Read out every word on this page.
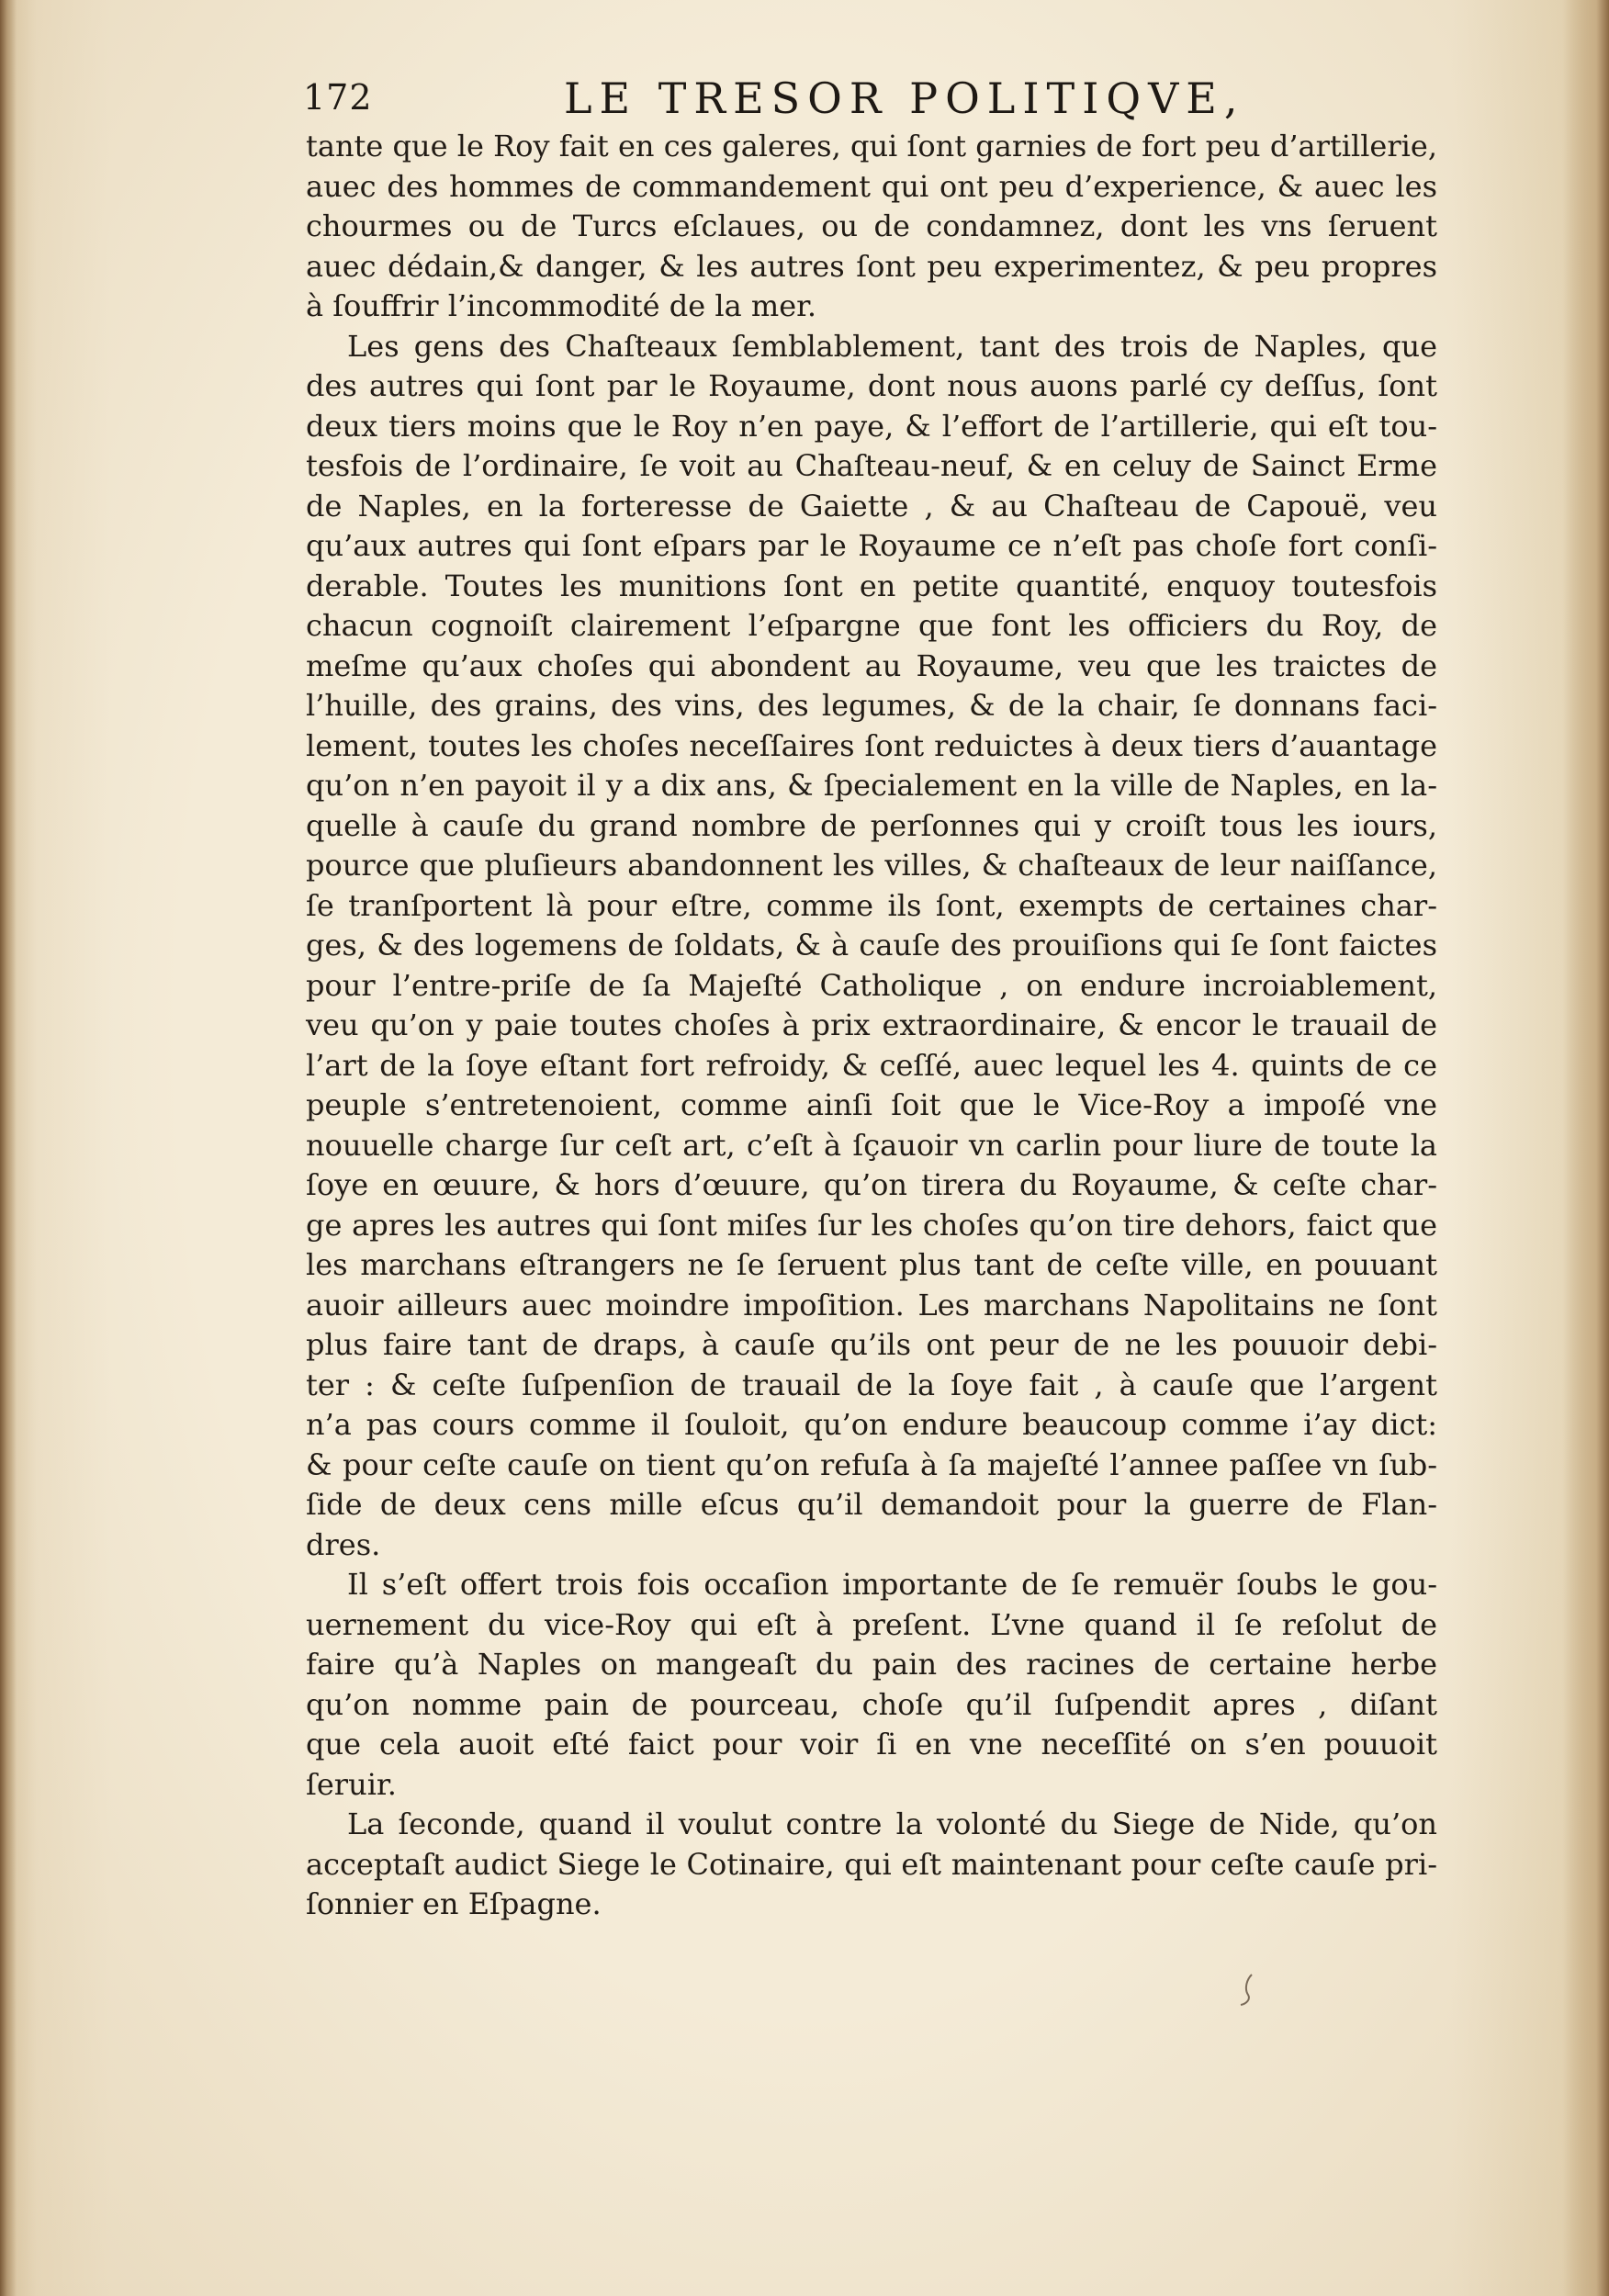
172	LE TRESOR POLITIQVE,
tante que le Roy fait en ces galeres, qui ſont garnies de fort peu d’artillerie,
auec des hommes de commandement qui ont peu d’experience, & auec les
chourmes ou de Turcs eſclaues, ou de condamnez, dont les vns ſeruent
auec dédain,& danger, & les autres ſont peu experimentez, & peu propres
à ſouffrir l’incommodité de la mer.
Les gens des Chaſteaux ſemblablement, tant des trois de Naples, que
des autres qui ſont par le Royaume, dont nous auons parlé cy deſſus, ſont
deux tiers moins que le Roy n’en paye, & l’effort de l’artillerie, qui eſt tou-
tesfois de l’ordinaire, ſe voit au Chaſteau-neuf, & en celuy de Sainct Erme
de Naples, en la forteresse de Gaiette , & au Chaſteau de Capouë, veu
qu’aux autres qui ſont eſpars par le Royaume ce n’eſt pas choſe fort conſi-
derable. Toutes les munitions ſont en petite quantité, enquoy toutesfois
chacun cognoiſt clairement l’eſpargne que font les officiers du Roy, de
meſme qu’aux choſes qui abondent au Royaume, veu que les traictes de
l’huille, des grains, des vins, des legumes, & de la chair, ſe donnans faci-
lement, toutes les choſes neceſſaires ſont reduictes à deux tiers d’auantage
qu’on n’en payoit il y a dix ans, & ſpecialement en la ville de Naples, en la-
quelle à cauſe du grand nombre de perſonnes qui y croiſt tous les iours,
pource que pluſieurs abandonnent les villes, & chaſteaux de leur naiſſance,
ſe tranſportent là pour eſtre, comme ils ſont, exempts de certaines char-
ges, & des logemens de ſoldats, & à cauſe des prouiſions qui ſe ſont faictes
pour l’entre-priſe de ſa Majeſté Catholique , on endure incroiablement,
veu qu’on y paie toutes choſes à prix extraordinaire, & encor le trauail de
l’art de la ſoye eſtant fort refroidy, & ceſſé, auec lequel les 4. quints de ce
peuple s’entretenoient, comme ainſi ſoit que le Vice-Roy a impoſé vne
nouuelle charge ſur ceſt art, c’eſt à ſçauoir vn carlin pour liure de toute la
ſoye en œuure, & hors d’œuure, qu’on tirera du Royaume, & ceſte char-
ge apres les autres qui ſont miſes ſur les choſes qu’on tire dehors, faict que
les marchans eſtrangers ne ſe ſeruent plus tant de ceſte ville, en pouuant
auoir ailleurs auec moindre impoſition. Les marchans Napolitains ne ſont
plus faire tant de draps, à cauſe qu’ils ont peur de ne les pouuoir debi-
ter : & ceſte ſuſpenſion de trauail de la ſoye fait , à cauſe que l’argent
n’a pas cours comme il ſouloit, qu’on endure beaucoup comme i’ay dict:
& pour ceſte cauſe on tient qu’on refuſa à ſa majeſté l’annee paſſee vn ſub-
ſide de deux cens mille eſcus qu’il demandoit pour la guerre de Flan-
dres.
Il s’eſt offert trois fois occaſion importante de ſe remuër ſoubs le gou-
uernement du vice-Roy qui eſt à preſent. L’vne quand il ſe reſolut de
faire qu’à Naples on mangeaſt du pain des racines de certaine herbe
qu’on nomme pain de pourceau, choſe qu’il ſuſpendit apres , diſant
que cela auoit eſté faict pour voir ſi en vne neceſſité on s’en pouuoit
ſeruir.
La ſeconde, quand il voulut contre la volonté du Siege de Nide, qu’on
acceptaſt audict Siege le Cotinaire, qui eſt maintenant pour ceſte cauſe pri-
ſonnier en Eſpagne.
